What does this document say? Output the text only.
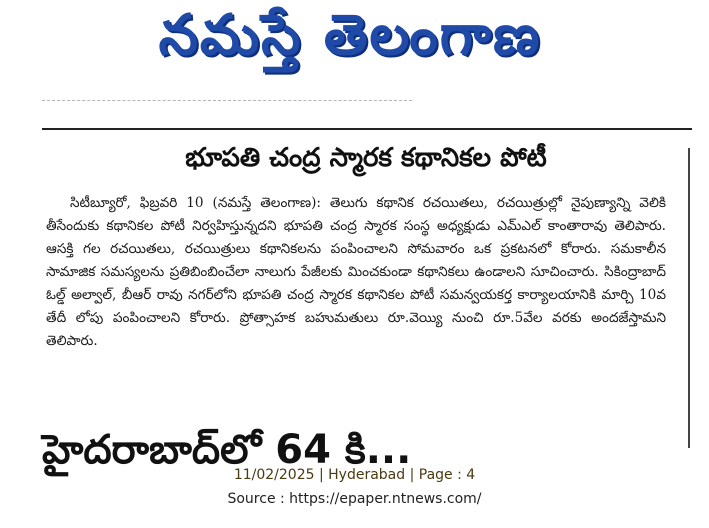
నమస్తే తెలంగాణ
భూపతి చంద్ర స్మారక కథానికల పోటీ
సిటీబ్యూరో, ఫిబ్రవరి 10 (నమస్తే తెలంగాణ): తెలుగు కథానిక రచయితలు, రచయిత్రుల్లో నైపుణ్యాన్ని వెలికి తీసేందుకు కథానికల పోటీ నిర్వహిస్తున్నదని భూపతి చంద్ర స్మారక సంస్థ అధ్యక్షుడు ఎమ్ఎల్ కాంతారావు తెలిపారు. ఆసక్తి గల రచయితలు, రచయిత్రులు కథానికలను పంపించాలని సోమవారం ఒక ప్రకటనలో కోరారు. సమకాలీన సామాజిక సమస్యలను ప్రతిబింబించేలా నాలుగు పేజీలకు మించకుండా కథానికలు ఉండాలని సూచించారు. సికింద్రాబాద్ ఓల్డ్ అల్వాల్, బీఆర్ రావు నగర్‌లోని భూపతి చంద్ర స్మారక కథానికల పోటీ సమన్వయకర్త కార్యాలయానికి మార్చి 10వ తేదీ లోపు పంపించాలని కోరారు. ప్రోత్సాహక బహుమతులు రూ.వెయ్యి నుంచి రూ.5వేల వరకు అందజేస్తామని తెలిపారు.
హైదరాబాద్‌లో 64 కి...
11/02/2025 | Hyderabad | Page : 4
Source : https://epaper.ntnews.com/
